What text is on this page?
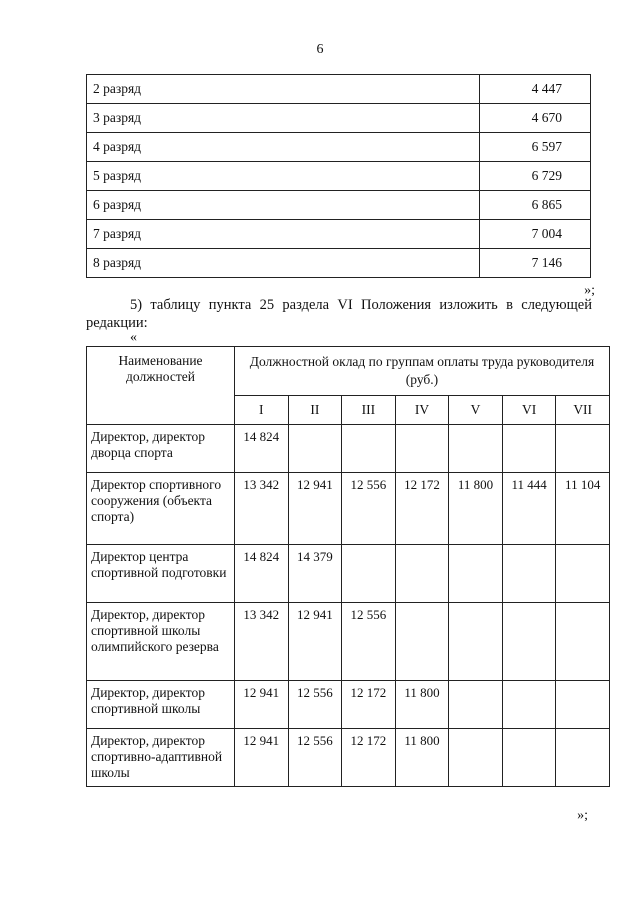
6
2 разряд	4 447
3 разряд	4 670
4 разряд	6 597
5 разряд	6 729
6 разряд	6 865
7 разряд	7 004
8 разряд	7 146
»;
5) таблицу пункта 25 раздела VI Положения изложить в следующей
редакции:
«
Наименование должностей	Должностной оклад по группам оплаты труда руководителя (руб.)						
	I	II	III	IV	V	VI	VII
Директор, директор дворца спорта	14 824						
Директор спортивного сооружения (объекта спорта)	13 342	12 941	12 556	12 172	11 800	11 444	11 104
Директор центра спортивной подготовки	14 824	14 379					
Директор, директор спортивной школы олимпийского резерва	13 342	12 941	12 556				
Директор, директор спортивной школы	12 941	12 556	12 172	11 800			
Директор, директор спортивно-адаптивной школы	12 941	12 556	12 172	11 800			
»;
